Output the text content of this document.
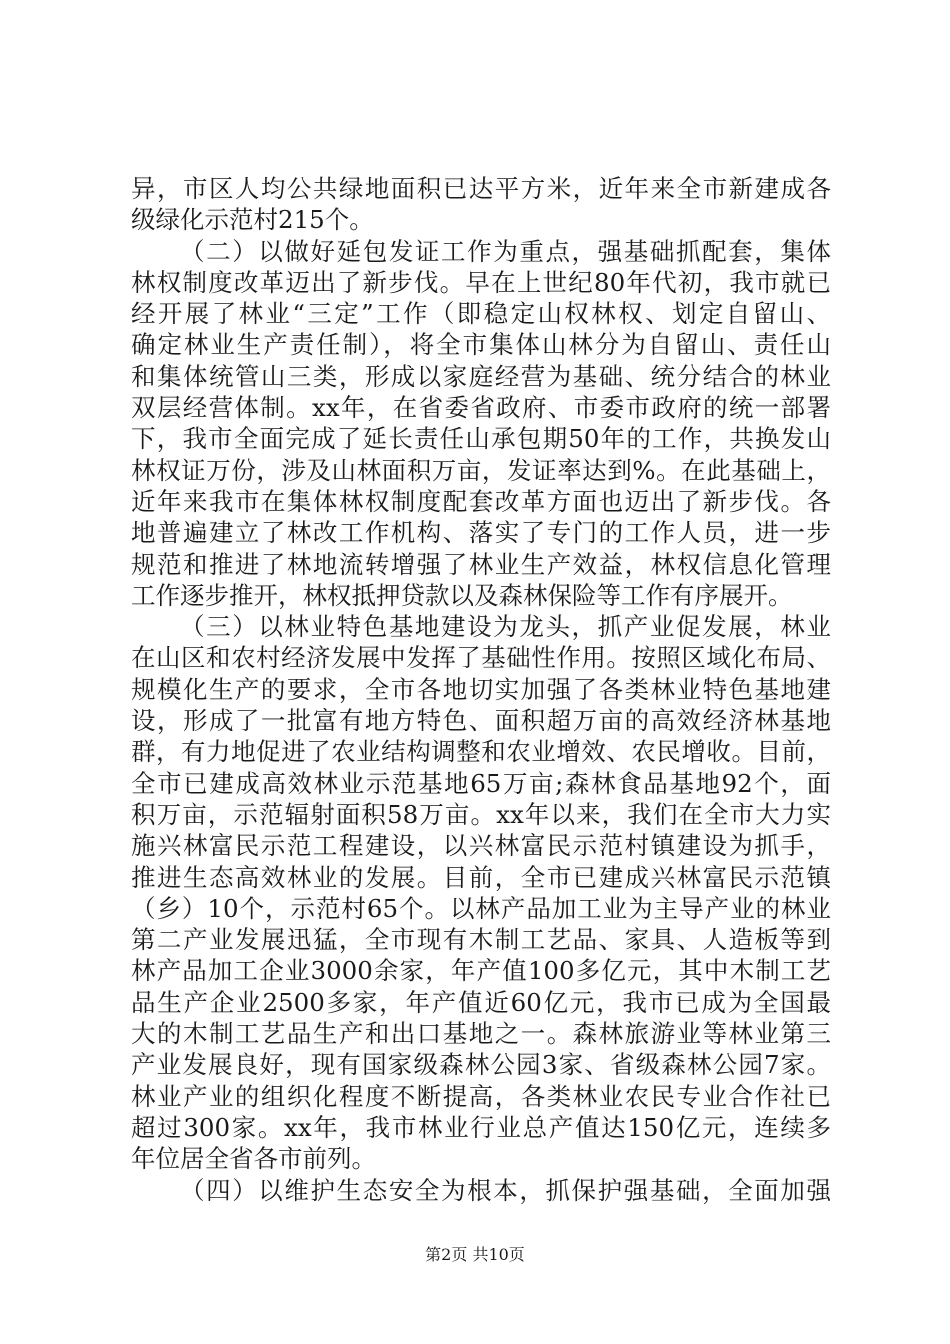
异，市区人均公共绿地面积已达平方米，近年来全市新建成各
级绿化示范村215个。
（二）以做好延包发证工作为重点，强基础抓配套，集体
林权制度改革迈出了新步伐。早在上世纪80年代初，我市就已
经开展了林业“三定”工作（即稳定山权林权、划定自留山、
确定林业生产责任制），将全市集体山林分为自留山、责任山
和集体统管山三类，形成以家庭经营为基础、统分结合的林业
双层经营体制。xx年，在省委省政府、市委市政府的统一部署
下，我市全面完成了延长责任山承包期50年的工作，共换发山
林权证万份，涉及山林面积万亩，发证率达到%。在此基础上，
近年来我市在集体林权制度配套改革方面也迈出了新步伐。各
地普遍建立了林改工作机构、落实了专门的工作人员，进一步
规范和推进了林地流转增强了林业生产效益，林权信息化管理
工作逐步推开，林权抵押贷款以及森林保险等工作有序展开。
（三）以林业特色基地建设为龙头，抓产业促发展，林业
在山区和农村经济发展中发挥了基础性作用。按照区域化布局、
规模化生产的要求，全市各地切实加强了各类林业特色基地建
设，形成了一批富有地方特色、面积超万亩的高效经济林基地
群，有力地促进了农业结构调整和农业增效、农民增收。目前，
全市已建成高效林业示范基地65万亩;森林食品基地92个，面
积万亩，示范辐射面积58万亩。xx年以来，我们在全市大力实
施兴林富民示范工程建设，以兴林富民示范村镇建设为抓手，
推进生态高效林业的发展。目前，全市已建成兴林富民示范镇
（乡）10个，示范村65个。以林产品加工业为主导产业的林业
第二产业发展迅猛，全市现有木制工艺品、家具、人造板等到
林产品加工企业3000余家，年产值100多亿元，其中木制工艺
品生产企业2500多家，年产值近60亿元，我市已成为全国最
大的木制工艺品生产和出口基地之一。森林旅游业等林业第三
产业发展良好，现有国家级森林公园3家、省级森林公园7家。
林业产业的组织化程度不断提高，各类林业农民专业合作社已
超过300家。xx年，我市林业行业总产值达150亿元，连续多
年位居全省各市前列。
（四）以维护生态安全为根本，抓保护强基础，全面加强
第2页 共10页
